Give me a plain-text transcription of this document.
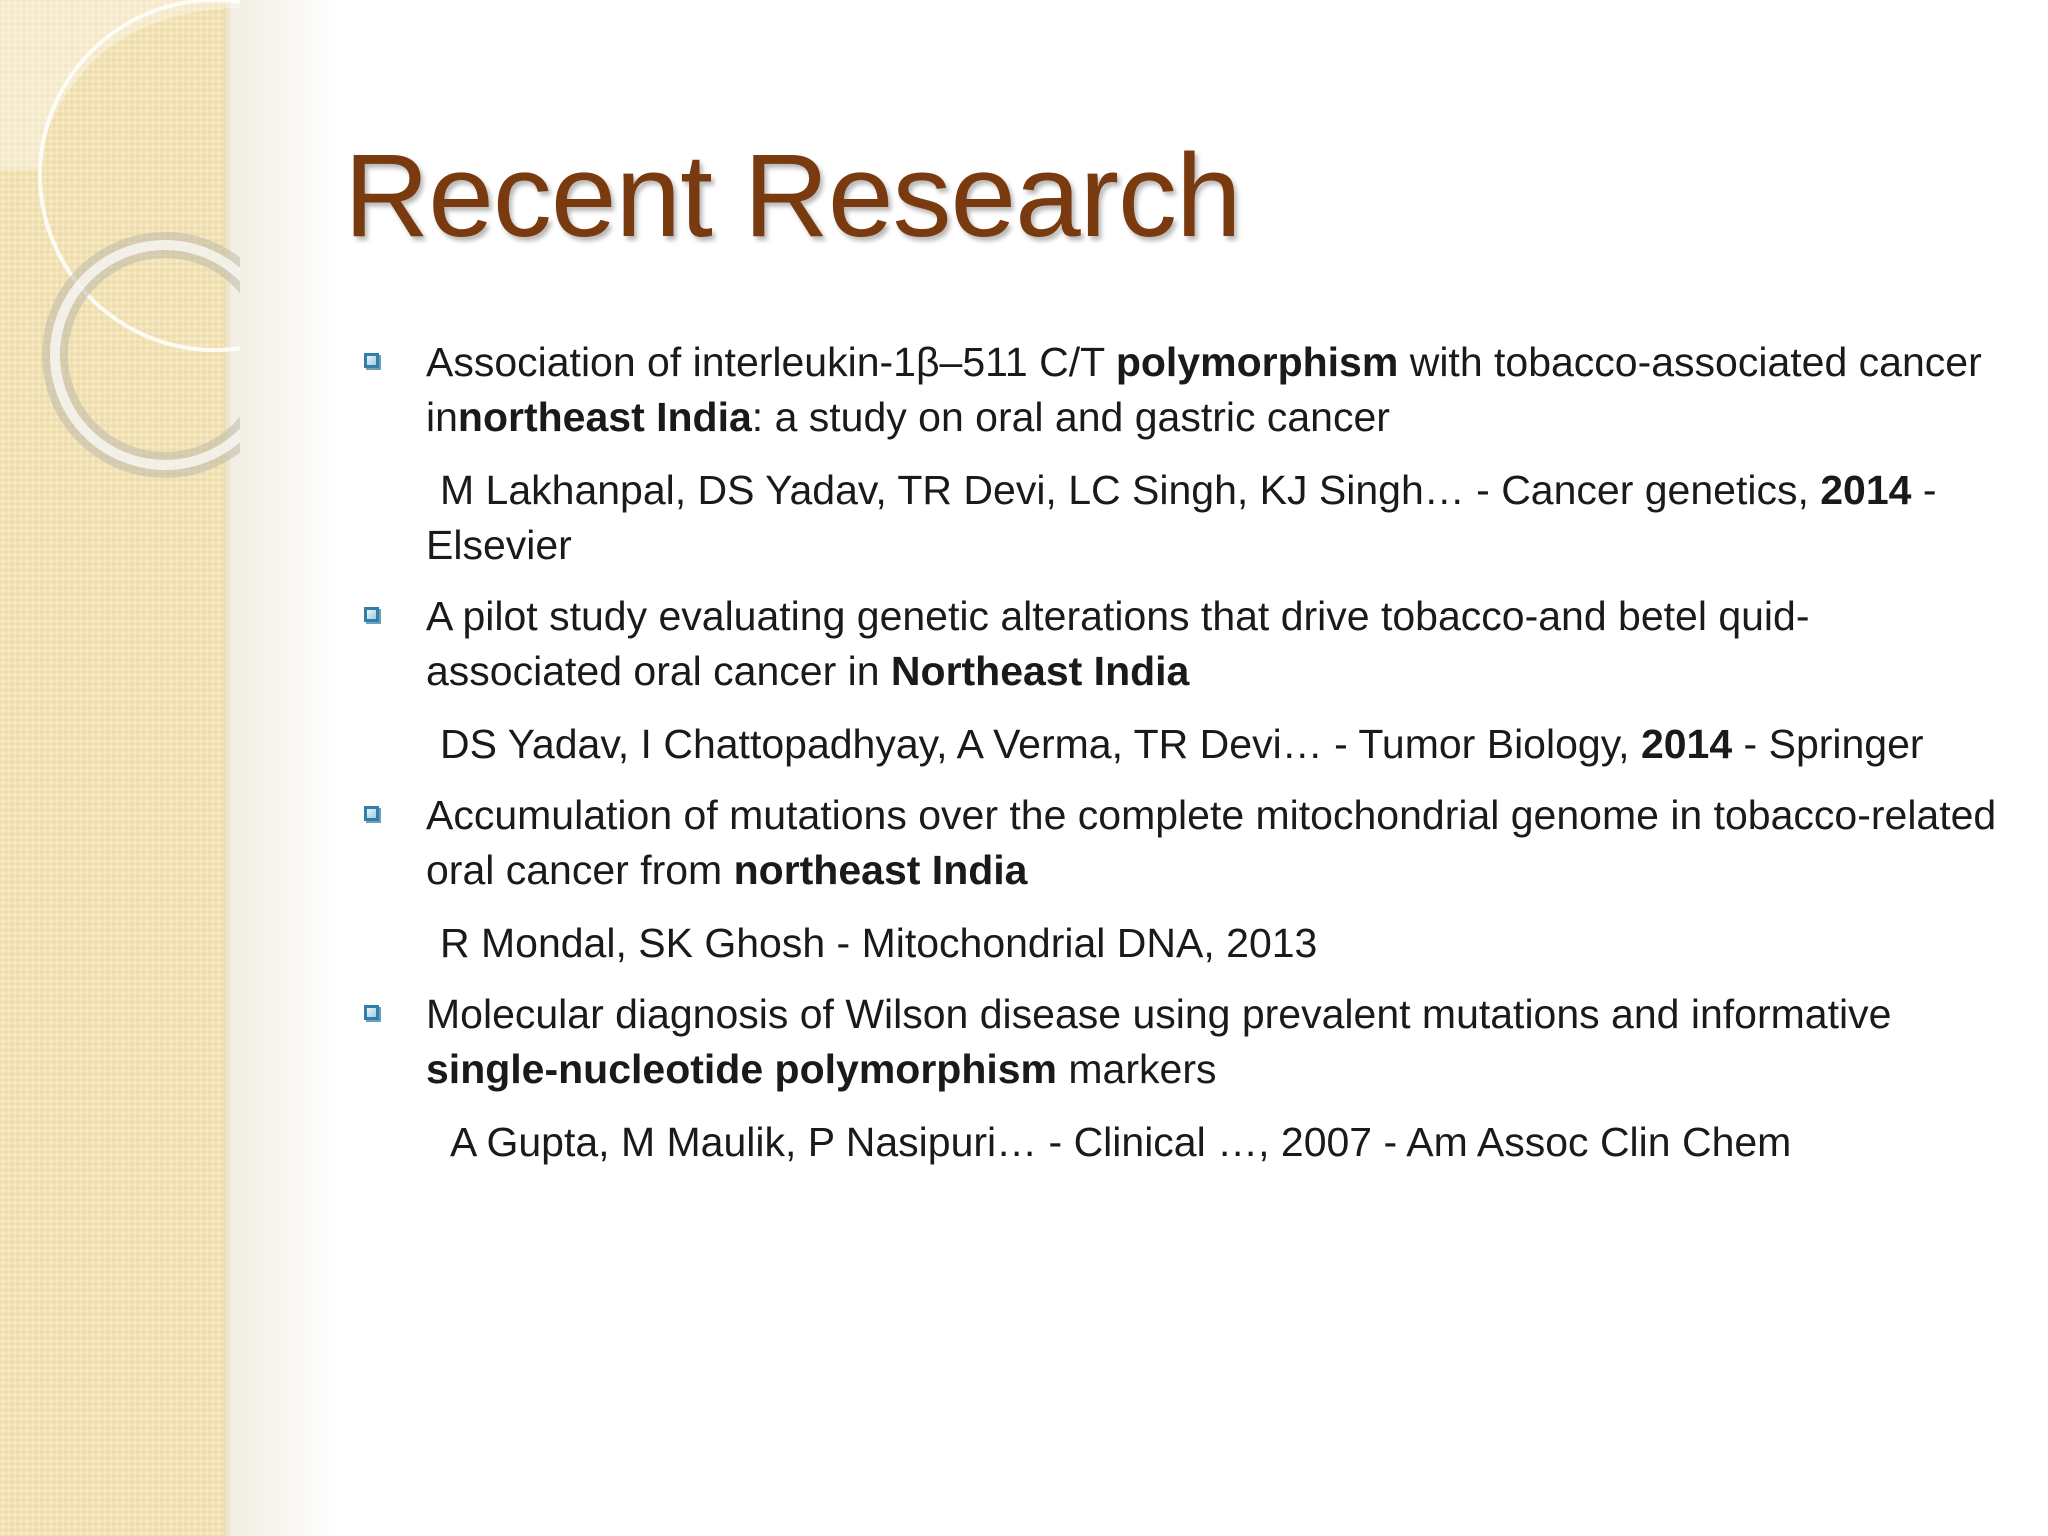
Recent Research

Association of interleukin-1β–511 C/T polymorphism with tobacco-associated cancer innortheast India: a study on oral and gastric cancer

M Lakhanpal, DS Yadav, TR Devi, LC Singh, KJ Singh… - Cancer genetics, 2014 - Elsevier

A pilot study evaluating genetic alterations that drive tobacco-and betel quid-associated oral cancer in Northeast India

DS Yadav, I Chattopadhyay, A Verma, TR Devi… - Tumor Biology, 2014 - Springer

Accumulation of mutations over the complete mitochondrial genome in tobacco-related oral cancer from northeast India

R Mondal, SK Ghosh - Mitochondrial DNA, 2013

Molecular diagnosis of Wilson disease using prevalent mutations and informative single-nucleotide polymorphism markers

A Gupta, M Maulik, P Nasipuri… - Clinical …, 2007 - Am Assoc Clin Chem
